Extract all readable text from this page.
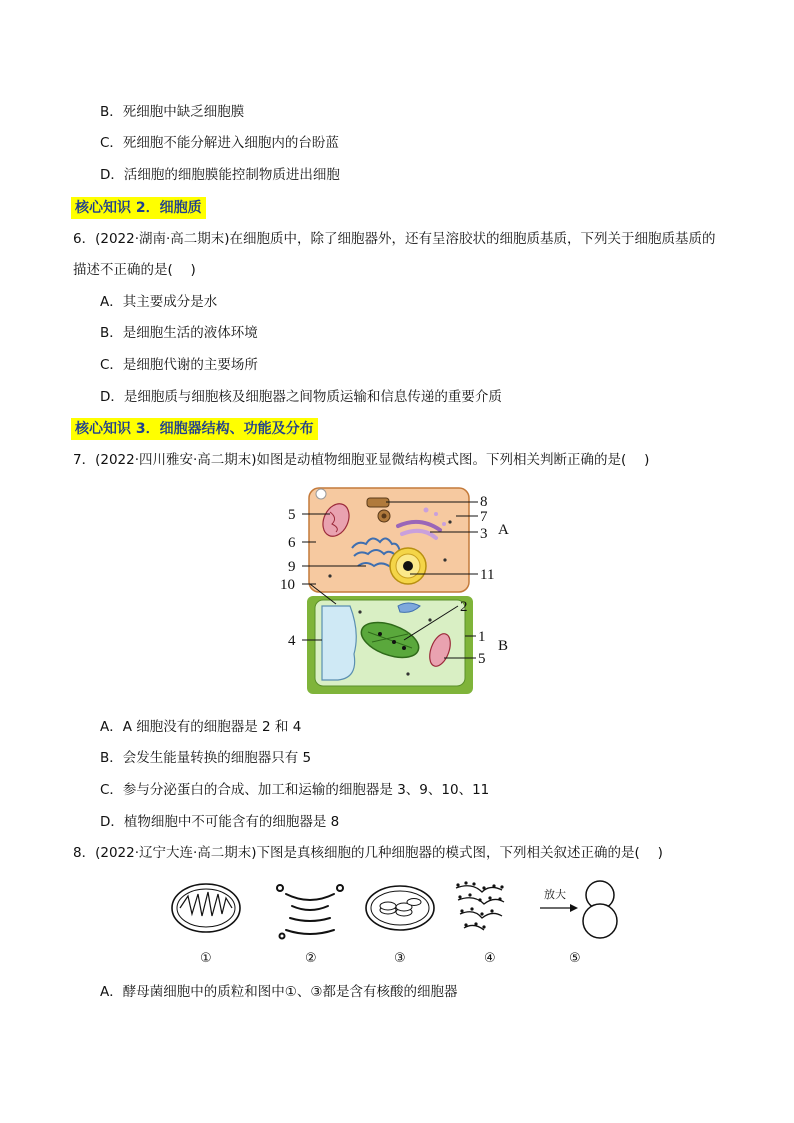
B．死细胞中缺乏细胞膜
C．死细胞不能分解进入细胞内的台盼蓝
D．活细胞的细胞膜能控制物质进出细胞
核心知识 2．细胞质
6．(2022·湖南·高二期末)在细胞质中，除了细胞器外，还有呈溶胶状的细胞质基质，下列关于细胞质基质的
描述不正确的是(　 )
A．其主要成分是水
B．是细胞生活的液体环境
C．是细胞代谢的主要场所
D．是细胞质与细胞核及细胞器之间物质运输和信息传递的重要介质
核心知识 3．细胞器结构、功能及分布
7．(2022·四川雅安·高二期末)如图是动植物细胞亚显微结构模式图。下列相关判断正确的是(　 )
5
6
9
10
4
8
7
3
11
2
1
5
A
B
A．A 细胞没有的细胞器是 2 和 4
B．会发生能量转换的细胞器只有 5
C．参与分泌蛋白的合成、加工和运输的细胞器是 3、9、10、11
D．植物细胞中不可能含有的细胞器是 8
8．(2022·辽宁大连·高二期末)下图是真核细胞的几种细胞器的模式图，下列相关叙述正确的是(　 )
放大
①	②	③	④	⑤
A．酵母菌细胞中的质粒和图中①、③都是含有核酸的细胞器
